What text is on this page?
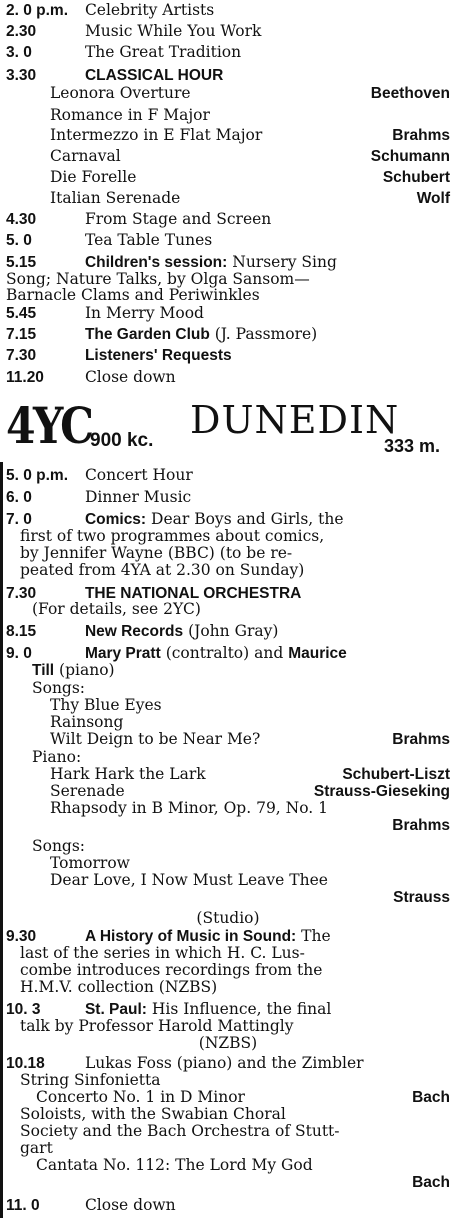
2. 0 p.m. Celebrity Artists
2.30	Music While You Work
3. 0	The Great Tradition
3.30	CLASSICAL HOUR
Leonora Overture	Beethoven
Romance in F Major
Intermezzo in E Flat Major	Brahms
Carnaval	Schumann
Die Forelle	Schubert
Italian Serenade	Wolf
4.30	From Stage and Screen
5. 0	Tea Table Tunes
5.15	Children's session: Nursery Sing
Song; Nature Talks, by Olga Sansom—
Barnacle Clams and Periwinkles
5.45	In Merry Mood
7.15	The Garden Club (J. Passmore)
7.30	Listeners' Requests
11.20	Close down
4YC
900 kc. DUNEDIN
333 m.
5. 0 p.m. Concert Hour
6. 0	Dinner Music
7. 0	Comics: Dear Boys and Girls, the
first of two programmes about comics,
by Jennifer Wayne (BBC) (to be re-
peated from 4YA at 2.30 on Sunday)
7.30	THE NATIONAL ORCHESTRA
(For details, see 2YC)
8.15	New Records (John Gray)
9. 0	Mary Pratt (contralto) and Maurice
Till (piano)
Songs:
Thy Blue Eyes
Rainsong
Wilt Deign to be Near Me?	Brahms
Piano:
Hark Hark the Lark	Schubert-Liszt
Serenade	Strauss-Gieseking
Rhapsody in B Minor, Op. 79, No. 1
Brahms
Songs:
Tomorrow
Dear Love, I Now Must Leave Thee
Strauss
(Studio)
9.30	A History of Music in Sound: The
last of the series in which H. C. Lus-
combe introduces recordings from the
H.M.V. collection (NZBS)
10. 3	St. Paul: His Influence, the final
talk by Professor Harold Mattingly
(NZBS)
10.18	Lukas Foss (piano) and the Zimbler
String Sinfonietta
Concerto No. 1 in D Minor	Bach
Soloists, with the Swabian Choral
Society and the Bach Orchestra of Stutt-
gart
Cantata No. 112: The Lord My God
Bach
11. 0	Close down
